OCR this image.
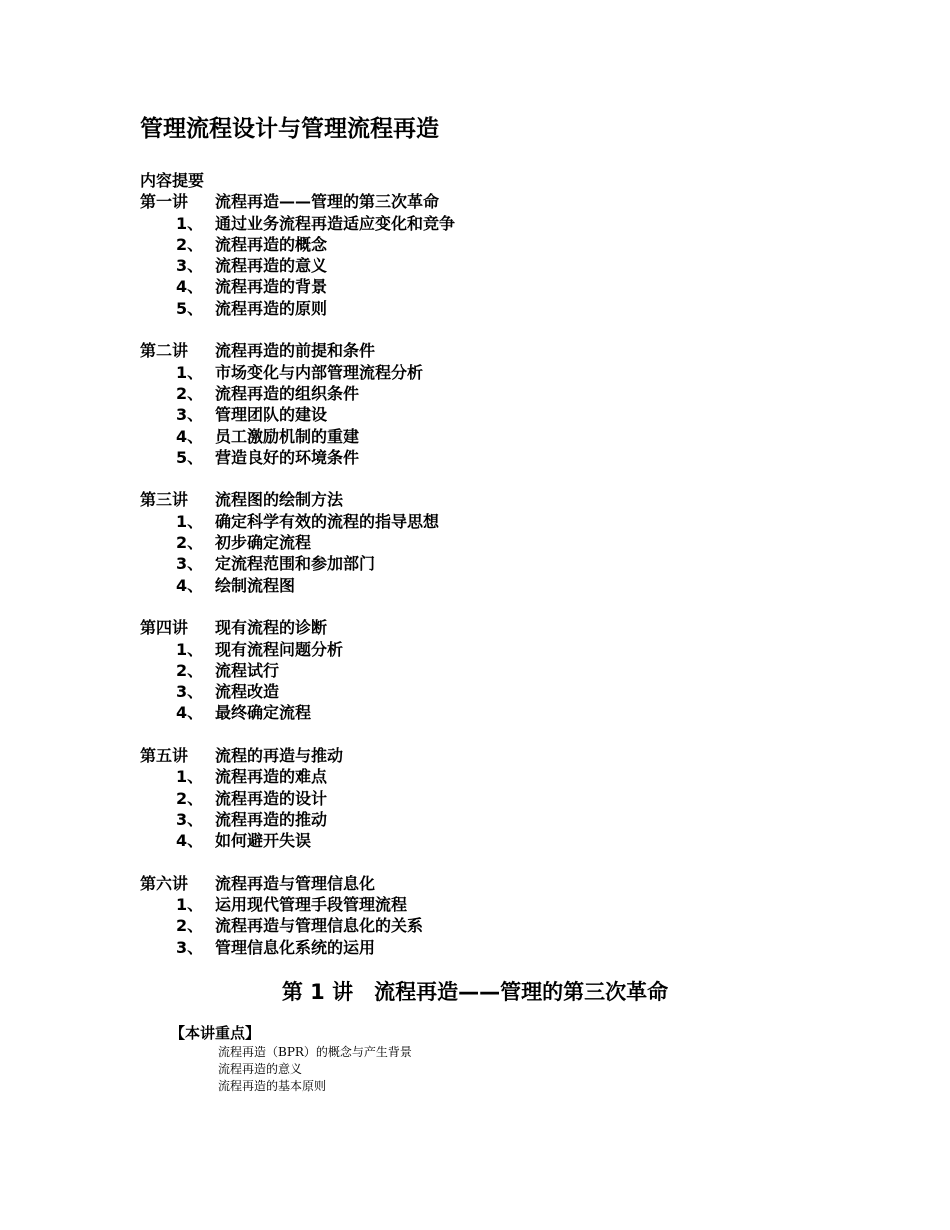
管理流程设计与管理流程再造
内容提要
第一讲	流程再造——管理的第三次革命
1、 通过业务流程再造适应变化和竞争
2、 流程再造的概念
3、 流程再造的意义
4、 流程再造的背景
5、 流程再造的原则
第二讲	流程再造的前提和条件
1、 市场变化与内部管理流程分析
2、 流程再造的组织条件
3、 管理团队的建设
4、 员工激励机制的重建
5、 营造良好的环境条件
第三讲	流程图的绘制方法
1、 确定科学有效的流程的指导思想
2、 初步确定流程
3、 定流程范围和参加部门
4、 绘制流程图
第四讲	现有流程的诊断
1、 现有流程问题分析
2、 流程试行
3、 流程改造
4、 最终确定流程
第五讲	流程的再造与推动
1、 流程再造的难点
2、 流程再造的设计
3、 流程再造的推动
4、 如何避开失误
第六讲	流程再造与管理信息化
1、 运用现代管理手段管理流程
2、 流程再造与管理信息化的关系
3、 管理信息化系统的运用
第 1 讲　流程再造——管理的第三次革命
【本讲重点】
流程再造（BPR）的概念与产生背景
流程再造的意义
流程再造的基本原则
